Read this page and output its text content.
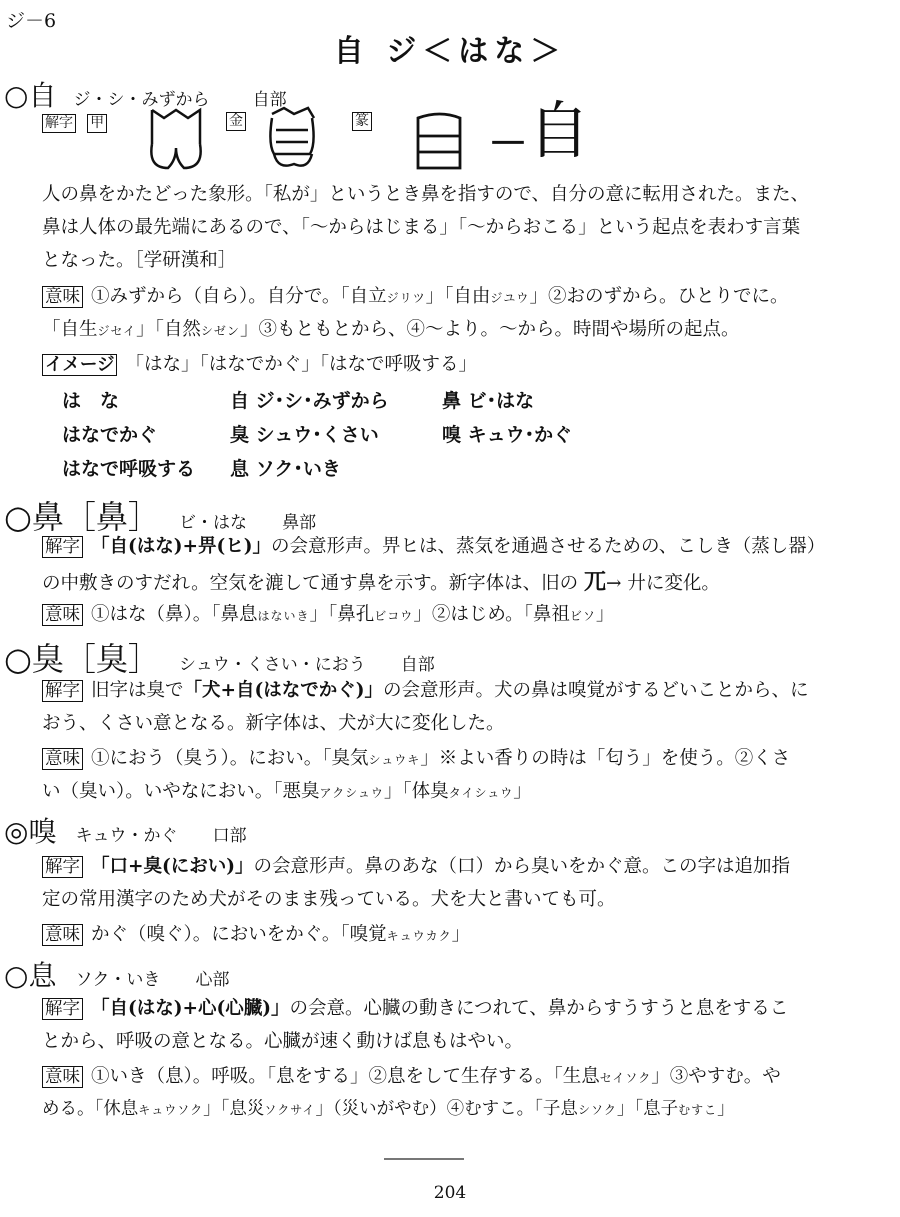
ジ－6
自 ジ＜はな＞
○自 ジ・シ・みずから	自部
解字 甲	金	篆	－ 自
人の鼻をかたどった象形。「私が」というとき鼻を指すので、自分の意に転用された。また、
鼻は人体の最先端にあるので、「～からはじまる」「～からおこる」という起点を表わす言葉
となった。［学研漢和］
意味 ①みずから（自ら）。自分で。「自立ジリツ」「自由ジユウ」②おのずから。ひとりでに。
「自生ジセイ」「自然シゼン」③もともとから、④～より。～から。時間や場所の起点。
イメージ 「はな」「はなでかぐ」「はなで呼吸する」
は　な	自 ジ･シ･みずから	鼻 ビ･はな
はなでかぐ	臭 シュウ･くさい	嗅 キュウ･かぐ
はなで呼吸する 息 ソク･いき
○鼻［鼻］ ビ・はな 鼻部
解字 「自(はな)+畀(ヒ)」の会意形声。畀ヒは、蒸気を通過させるための、こしき（蒸し器）
の中敷きのすだれ。空気を漉して通す鼻を示す。新字体は、旧の ㄫ→ 廾に変化。
意味 ①はな（鼻）。「鼻息はないき」「鼻孔ビコウ」②はじめ。「鼻祖ビソ」
○臭［臭］ シュウ・くさい・におう 自部
解字 旧字は臭で「犬+自(はなでかぐ)」の会意形声。犬の鼻は嗅覚がするどいことから、に
おう、くさい意となる。新字体は、犬が大に変化した。
意味 ①におう（臭う）。におい。「臭気シュウキ」※よい香りの時は「匂う」を使う。②くさ
い（臭い）。いやなにおい。「悪臭アクシュウ」「体臭タイシュウ」
◎嗅 キュウ・かぐ 口部
解字 「口+臭(におい)」の会意形声。鼻のあな（口）から臭いをかぐ意。この字は追加指
定の常用漢字のため犬がそのまま残っている。犬を大と書いても可。
意味 かぐ（嗅ぐ）。においをかぐ。「嗅覚キュウカク」
○息 ソク・いき 心部
解字 「自(はな)+心(心臓)」の会意。心臓の動きにつれて、鼻からすうすうと息をするこ
とから、呼吸の意となる。心臓が速く動けば息もはやい。
意味 ①いき（息）。呼吸。「息をする」②息をして生存する。「生息セイソク」③やすむ。や
める。「休息キュウソク」「息災ソクサイ」（災いがやむ）④むすこ。「子息シソク」「息子むすこ」
204
